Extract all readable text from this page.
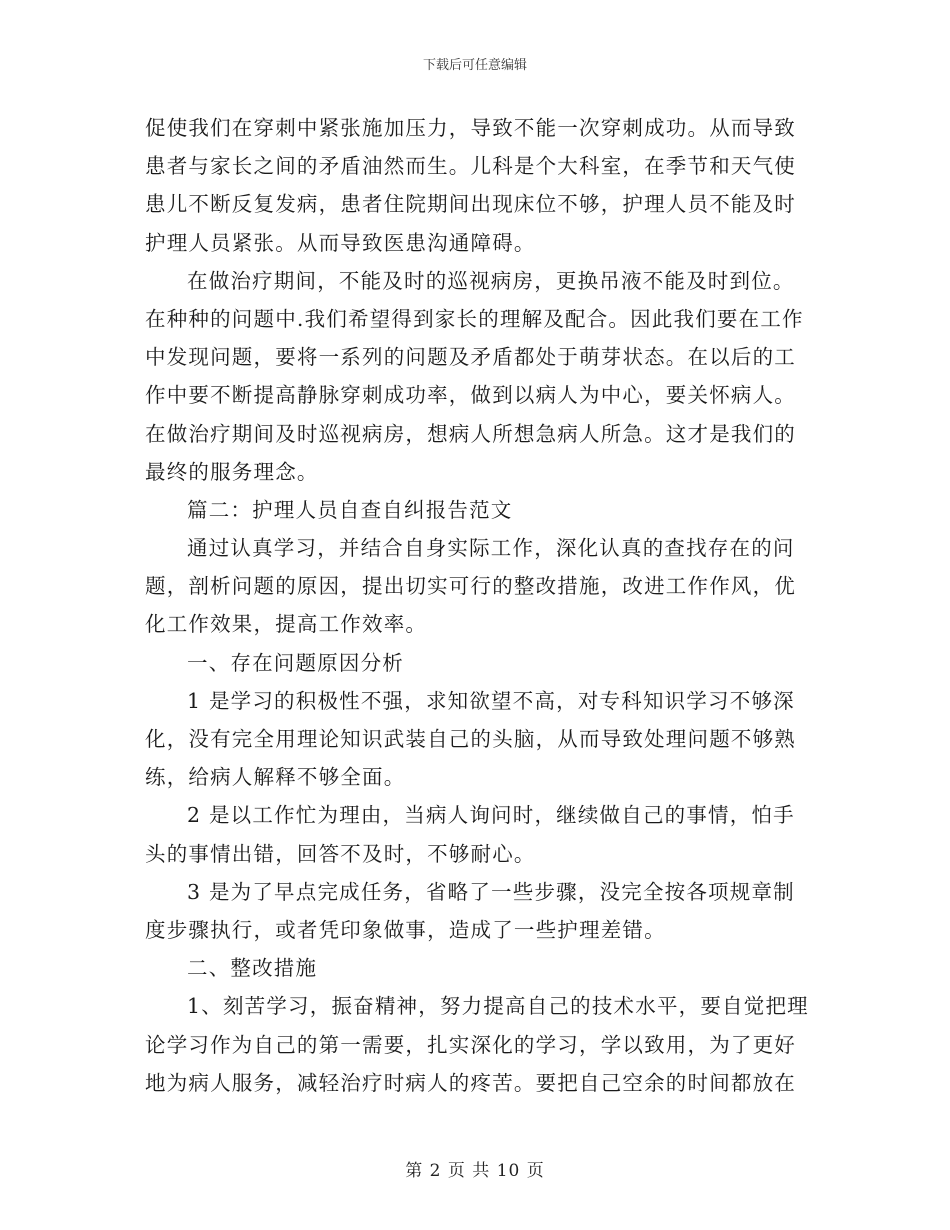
下载后可任意编辑
促使我们在穿刺中紧张施加压力，导致不能一次穿刺成功。从而导致
患者与家长之间的矛盾油然而生。儿科是个大科室，在季节和天气使
患儿不断反复发病，患者住院期间出现床位不够，护理人员不能及时
护理人员紧张。从而导致医患沟通障碍。
在做治疗期间，不能及时的巡视病房，更换吊液不能及时到位。
在种种的问题中.我们希望得到家长的理解及配合。因此我们要在工作
中发现问题，要将一系列的问题及矛盾都处于萌芽状态。在以后的工
作中要不断提高静脉穿刺成功率，做到以病人为中心，要关怀病人。
在做治疗期间及时巡视病房，想病人所想急病人所急。这才是我们的
最终的服务理念。
篇二：护理人员自查自纠报告范文
通过认真学习，并结合自身实际工作，深化认真的查找存在的问
题，剖析问题的原因，提出切实可行的整改措施，改进工作作风，优
化工作效果，提高工作效率。
一、存在问题原因分析
1 是学习的积极性不强，求知欲望不高，对专科知识学习不够深
化，没有完全用理论知识武装自己的头脑，从而导致处理问题不够熟
练，给病人解释不够全面。
2 是以工作忙为理由，当病人询问时，继续做自己的事情，怕手
头的事情出错，回答不及时，不够耐心。
3 是为了早点完成任务，省略了一些步骤，没完全按各项规章制
度步骤执行，或者凭印象做事，造成了一些护理差错。
二、整改措施
1、刻苦学习，振奋精神，努力提高自己的技术水平，要自觉把理
论学习作为自己的第一需要，扎实深化的学习，学以致用，为了更好
地为病人服务，减轻治疗时病人的疼苦。要把自己空余的时间都放在
第 2 页 共 10 页
